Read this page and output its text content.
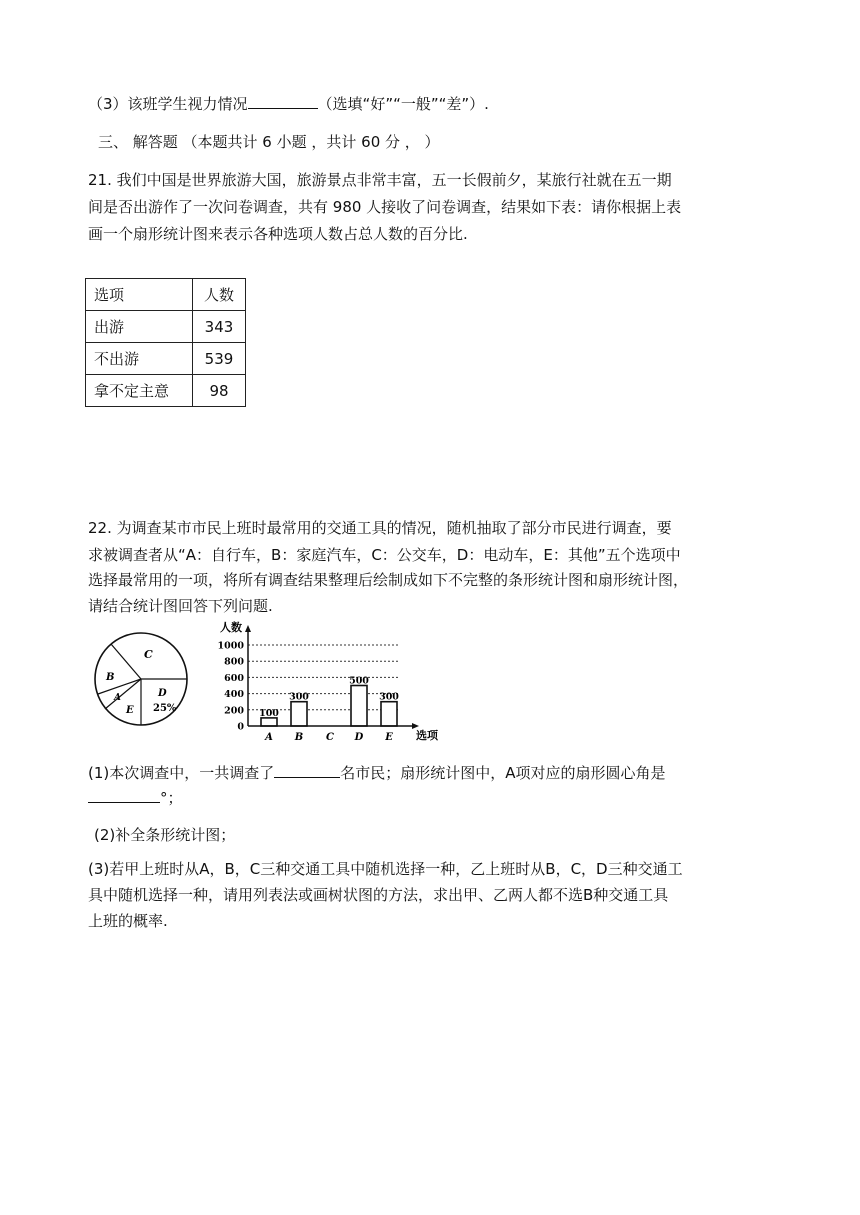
（3）该班学生视力情况	（选填“好”“一般”“差”）.
三、 解答题 （本题共计 6 小题 ，共计 60 分 ， ）
21. 我们中国是世界旅游大国，旅游景点非常丰富，五一长假前夕，某旅行社就在五一期
间是否出游作了一次问卷调查，共有 980 人接收了问卷调查，结果如下表：请你根据上表
画一个扇形统计图来表示各种选项人数占总人数的百分比.
选项	人数
出游	343
不出游	539
拿不定主意	98
22. 为调查某市市民上班时最常用的交通工具的情况，随机抽取了部分市民进行调查，要
求被调查者从“A：自行车，B：家庭汽车，C：公交车，D：电动车，E：其他”五个选项中
选择最常用的一项，将所有调查结果整理后绘制成如下不完整的条形统计图和扇形统计图，
请结合统计图回答下列问题.
C
B
A
E
D
25%
人数
选项
0
200
400
600
800
1000
100
A
300
B C
500
D
300
E
(1)本次调查中，一共调查了	名市民；扇形统计图中，A项对应的扇形圆心角是
°；
(2)补全条形统计图；
(3)若甲上班时从A，B，C三种交通工具中随机选择一种，乙上班时从B，C，D三种交通工
具中随机选择一种，请用列表法或画树状图的方法，求出甲、乙两人都不选B种交通工具
上班的概率.
